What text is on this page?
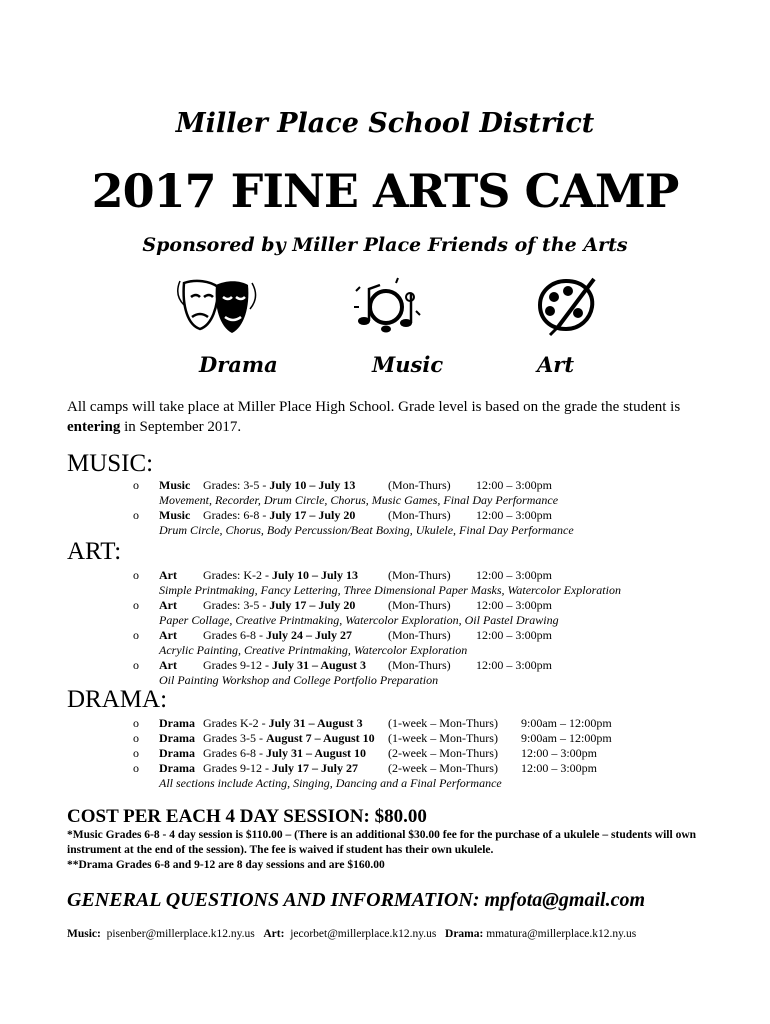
Miller Place School District
2017 FINE ARTS CAMP
Sponsored by Miller Place Friends of the Arts
Drama	Music	Art
All camps will take place at Miller Place High School. Grade level is based on the grade the student is entering in September 2017.
MUSIC:
o Music Grades: 3-5 - July 10 – July 13	(Mon-Thurs) 12:00 – 3:00pm
Movement, Recorder, Drum Circle, Chorus, Music Games, Final Day Performance
o Music Grades: 6-8 - July 17 – July 20	(Mon-Thurs) 12:00 – 3:00pm
Drum Circle, Chorus, Body Percussion/Beat Boxing, Ukulele, Final Day Performance
ART:
o Art Grades: K-2 - July 10 – July 13	(Mon-Thurs) 12:00 – 3:00pm
Simple Printmaking, Fancy Lettering, Three Dimensional Paper Masks, Watercolor Exploration
o Art Grades: 3-5 - July 17 – July 20	(Mon-Thurs) 12:00 – 3:00pm
Paper Collage, Creative Printmaking, Watercolor Exploration, Oil Pastel Drawing
o Art Grades 6-8 - July 24 – July 27	(Mon-Thurs) 12:00 – 3:00pm
Acrylic Painting, Creative Printmaking, Watercolor Exploration
o Art Grades 9-12 - July 31 – August 3 (Mon-Thurs) 12:00 – 3:00pm
Oil Painting Workshop and College Portfolio Preparation
DRAMA:
o Drama Grades K-2 - July 31 – August 3 (1-week – Mon-Thurs) 9:00am – 12:00pm
o Drama Grades 3-5 - August 7 – August 10 (1-week – Mon-Thurs) 9:00am – 12:00pm
o Drama Grades 6-8 - July 31 – August 10 (2-week – Mon-Thurs) 12:00 – 3:00pm
o Drama Grades 9-12 - July 17 – July 27	(2-week – Mon-Thurs) 12:00 – 3:00pm
All sections include Acting, Singing, Dancing and a Final Performance
COST PER EACH 4 DAY SESSION: $80.00
*Music Grades 6-8 - 4 day session is $110.00 – (There is an additional $30.00 fee for the purchase of a ukulele – students will own instrument at the end of the session). The fee is waived if student has their own ukulele.
**Drama Grades 6-8 and 9-12 are 8 day sessions and are $160.00
GENERAL QUESTIONS AND INFORMATION: mpfota@gmail.com
Music: pisenber@millerplace.k12.ny.us Art: jecorbet@millerplace.k12.ny.us Drama: mmatura@millerplace.k12.ny.us
